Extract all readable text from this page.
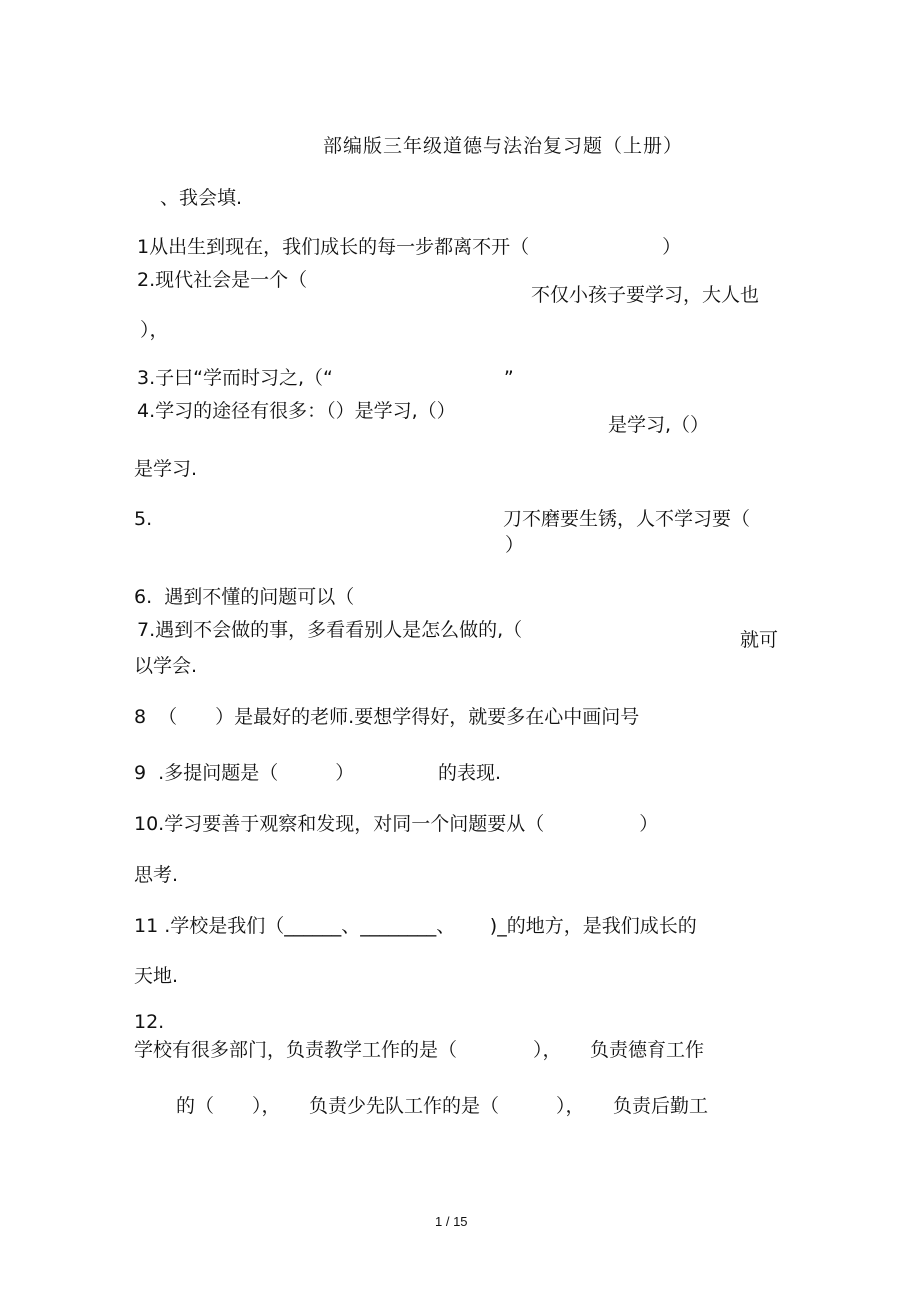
部编版三年级道德与法治复习题（上册）
、我会填.
1从出生到现在，我们成长的每一步都离不开（　　　　　　　）
2.现代社会是一个（
不仅小孩子要学习，大人也
），
3.子曰“学而时习之,（“　　　　　　　　　”
4.学习的途径有很多：（）是学习,（）
是学习,（）
是学习.
5.	刀不磨要生锈，人不学习要（
）
6.  遇到不懂的问题可以（
7.遇到不会做的事，多看看别人是怎么做的,（	就可
以学会.
8  （　　）是最好的老师.要想学得好，就要多在心中画问号
9  .多提问题是（　　　）	的表现.
10.学习要善于观察和发现，对同一个问题要从（　　　　　）
思考.
11 .学校是我们（______、________、　　 )_的地方，是我们成长的
天地.
12.
学校有很多部门，负责教学工作的是（　　　　），　　负责德育工作
的（　　），　　负责少先队工作的是（　　　），　　负责后勤工
1 / 15
